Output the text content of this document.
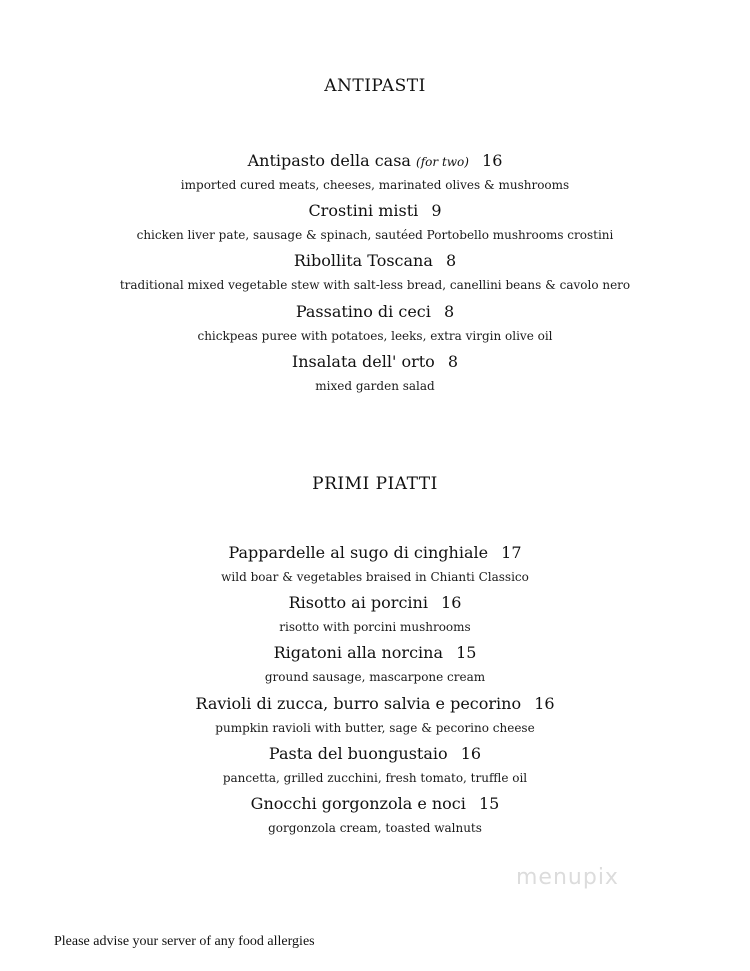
ANTIPASTI
Antipasto della casa (for two) 16
imported cured meats, cheeses, marinated olives & mushrooms
Crostini misti 9
chicken liver pate, sausage & spinach, sautéed Portobello mushrooms crostini
Ribollita Toscana 8
traditional mixed vegetable stew with salt-less bread, canellini beans & cavolo nero
Passatino di ceci 8
chickpeas puree with potatoes, leeks, extra virgin olive oil
Insalata dell' orto 8
mixed garden salad
PRIMI PIATTI
Pappardelle al sugo di cinghiale 17
wild boar & vegetables braised in Chianti Classico
Risotto ai porcini 16
risotto with porcini mushrooms
Rigatoni alla norcina 15
ground sausage, mascarpone cream
Ravioli di zucca, burro salvia e pecorino 16
pumpkin ravioli with butter, sage & pecorino cheese
Pasta del buongustaio 16
pancetta, grilled zucchini, fresh tomato, truffle oil
Gnocchi gorgonzola e noci 15
gorgonzola cream, toasted walnuts
menupix
Please advise your server of any food allergies
